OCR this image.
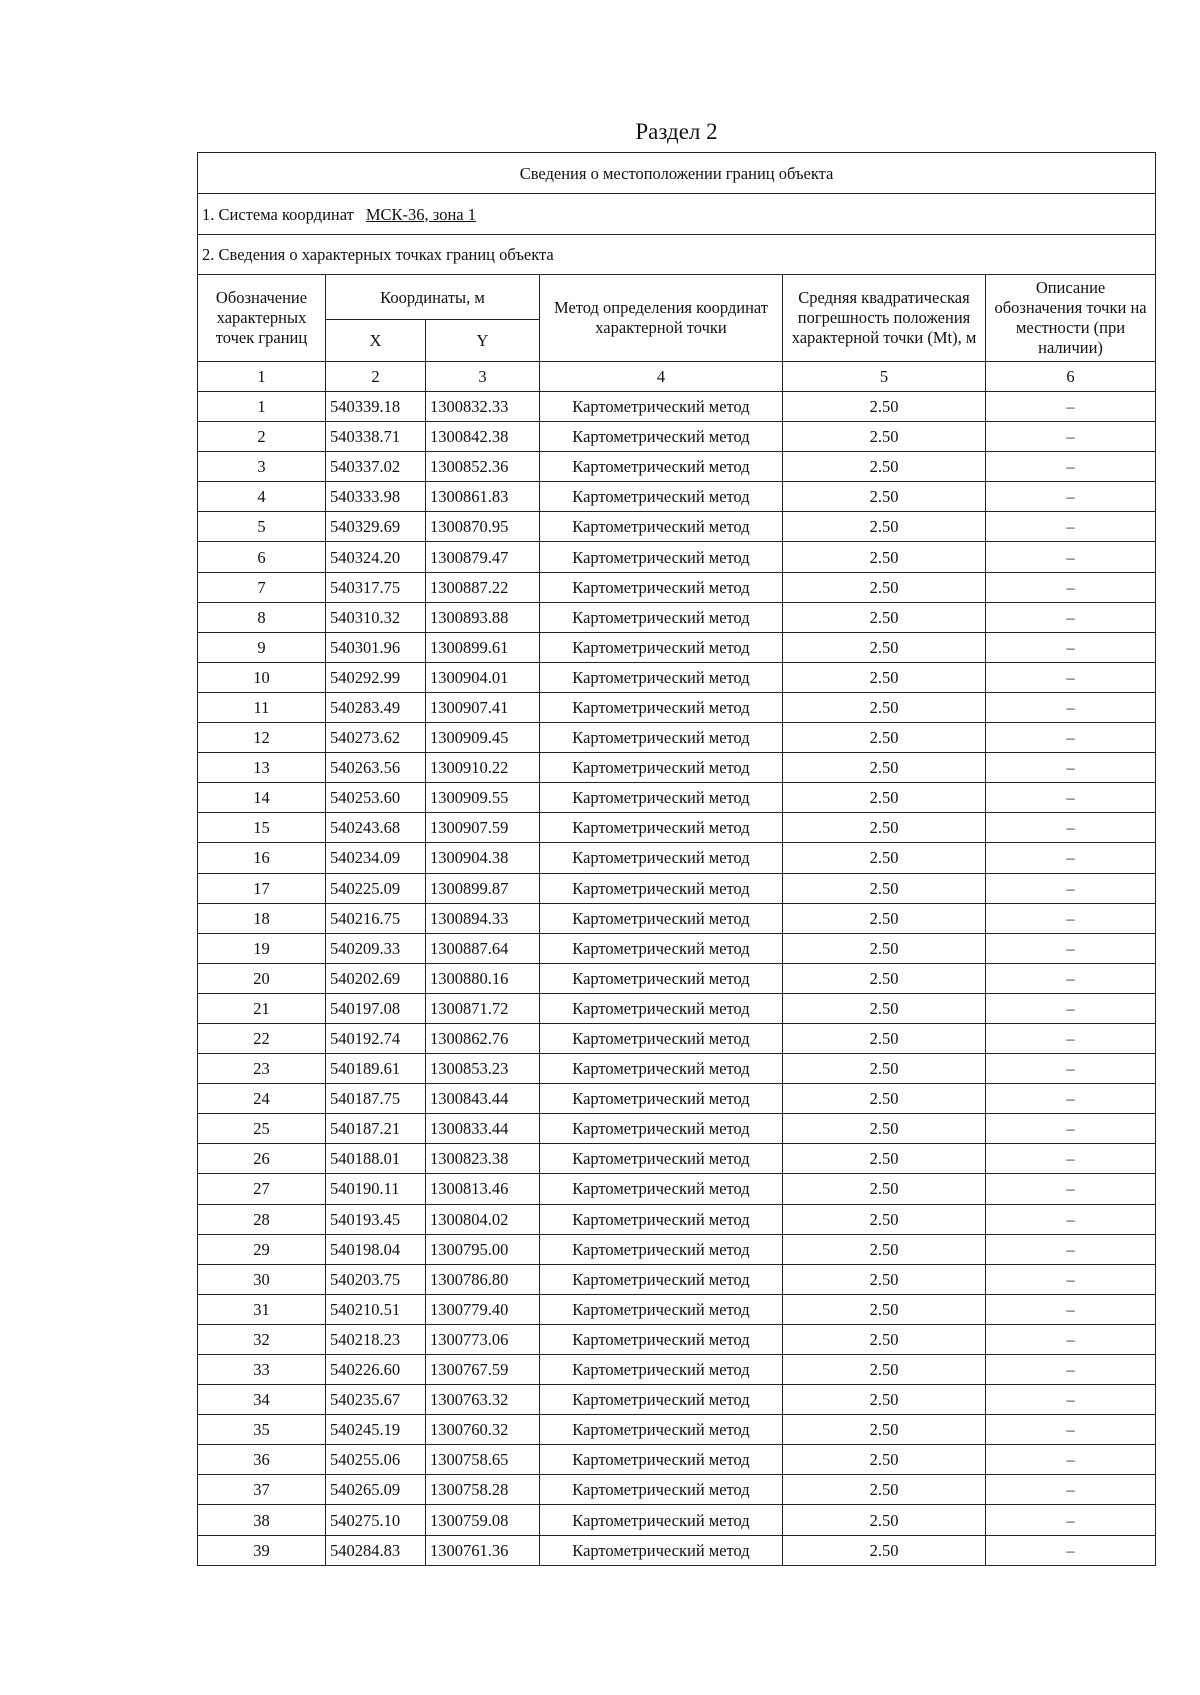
Раздел 2
Сведения о местоположении границ объекта					
1. Система координат МСК-36, зона 1					
2. Сведения о характерных точках границ объекта					
Обозначение характерных точек границ	Координаты, м		Метод определения координат характерной точки	Средняя квадратическая погрешность положения характерной точки (Mt), м	Описание обозначения точки на местности (при наличии)
	X	Y			
1	2	3	4	5	6
1	540339.18	1300832.33	Картометрический метод	2.50	–
2	540338.71	1300842.38	Картометрический метод	2.50	–
3	540337.02	1300852.36	Картометрический метод	2.50	–
4	540333.98	1300861.83	Картометрический метод	2.50	–
5	540329.69	1300870.95	Картометрический метод	2.50	–
6	540324.20	1300879.47	Картометрический метод	2.50	–
7	540317.75	1300887.22	Картометрический метод	2.50	–
8	540310.32	1300893.88	Картометрический метод	2.50	–
9	540301.96	1300899.61	Картометрический метод	2.50	–
10	540292.99	1300904.01	Картометрический метод	2.50	–
11	540283.49	1300907.41	Картометрический метод	2.50	–
12	540273.62	1300909.45	Картометрический метод	2.50	–
13	540263.56	1300910.22	Картометрический метод	2.50	–
14	540253.60	1300909.55	Картометрический метод	2.50	–
15	540243.68	1300907.59	Картометрический метод	2.50	–
16	540234.09	1300904.38	Картометрический метод	2.50	–
17	540225.09	1300899.87	Картометрический метод	2.50	–
18	540216.75	1300894.33	Картометрический метод	2.50	–
19	540209.33	1300887.64	Картометрический метод	2.50	–
20	540202.69	1300880.16	Картометрический метод	2.50	–
21	540197.08	1300871.72	Картометрический метод	2.50	–
22	540192.74	1300862.76	Картометрический метод	2.50	–
23	540189.61	1300853.23	Картометрический метод	2.50	–
24	540187.75	1300843.44	Картометрический метод	2.50	–
25	540187.21	1300833.44	Картометрический метод	2.50	–
26	540188.01	1300823.38	Картометрический метод	2.50	–
27	540190.11	1300813.46	Картометрический метод	2.50	–
28	540193.45	1300804.02	Картометрический метод	2.50	–
29	540198.04	1300795.00	Картометрический метод	2.50	–
30	540203.75	1300786.80	Картометрический метод	2.50	–
31	540210.51	1300779.40	Картометрический метод	2.50	–
32	540218.23	1300773.06	Картометрический метод	2.50	–
33	540226.60	1300767.59	Картометрический метод	2.50	–
34	540235.67	1300763.32	Картометрический метод	2.50	–
35	540245.19	1300760.32	Картометрический метод	2.50	–
36	540255.06	1300758.65	Картометрический метод	2.50	–
37	540265.09	1300758.28	Картометрический метод	2.50	–
38	540275.10	1300759.08	Картометрический метод	2.50	–
39	540284.83	1300761.36	Картометрический метод	2.50	–
